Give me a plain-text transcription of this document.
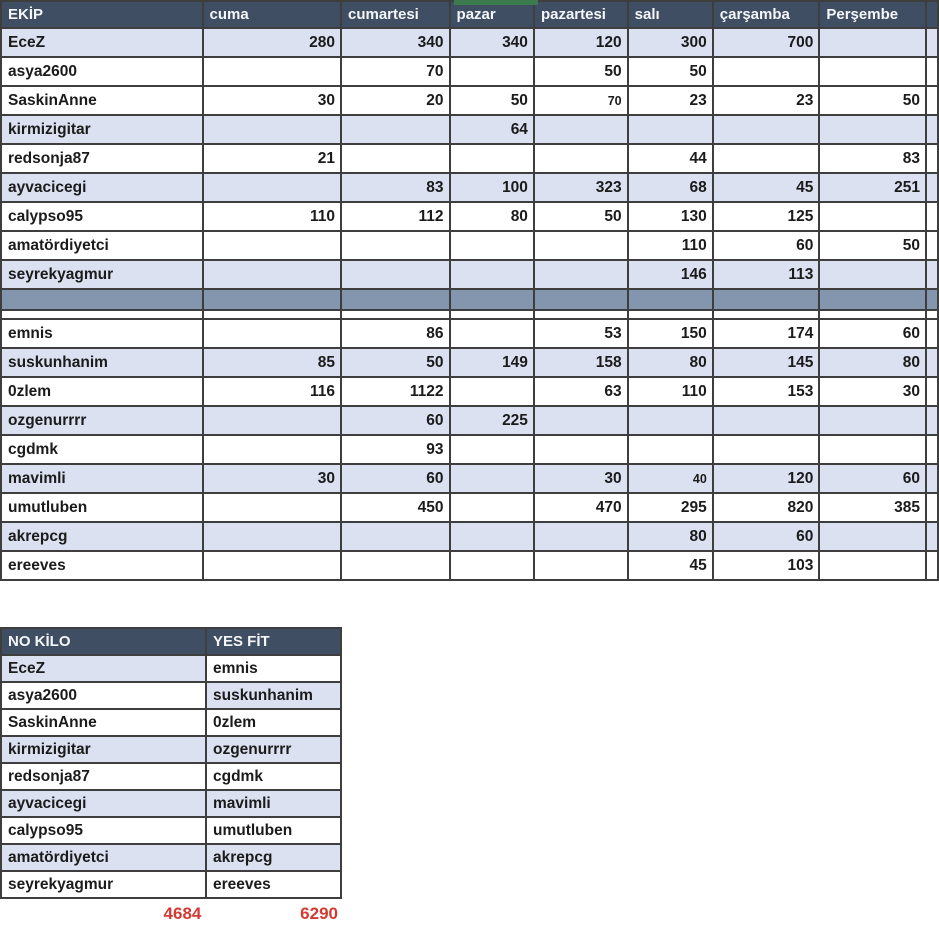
EKİP	cuma	cumartesi	pazar	pazartesi	salı	çarşamba	Perşembe	
EceZ	280	340	340	120	300	700		
asya2600		70		50	50			
SaskinAnne	30	20	50	70	23	23	50	
kirmizigitar			64					
redsonja87	21				44		83	
ayvacicegi		83	100	323	68	45	251	
calypso95	110	112	80	50	130	125		
amatördiyetci					110	60	50	
seyrekyagmur					146	113		

emnis		86		53	150	174	60	
suskunhanim	85	50	149	158	80	145	80	
0zlem	116	1122		63	110	153	30	
ozgenurrrr		60	225					
cgdmk		93						
mavimli	30	60		30	40	120	60	
umutluben		450		470	295	820	385	
akrepcg					80	60		
ereeves					45	103		
NO KİLO	YES FİT
EceZ	emnis
asya2600	suskunhanim
SaskinAnne	0zlem
kirmizigitar	ozgenurrrr
redsonja87	cgdmk
ayvacicegi	mavimli
calypso95	umutluben
amatördiyetci	akrepcg
seyrekyagmur	ereeves
4684	6290
